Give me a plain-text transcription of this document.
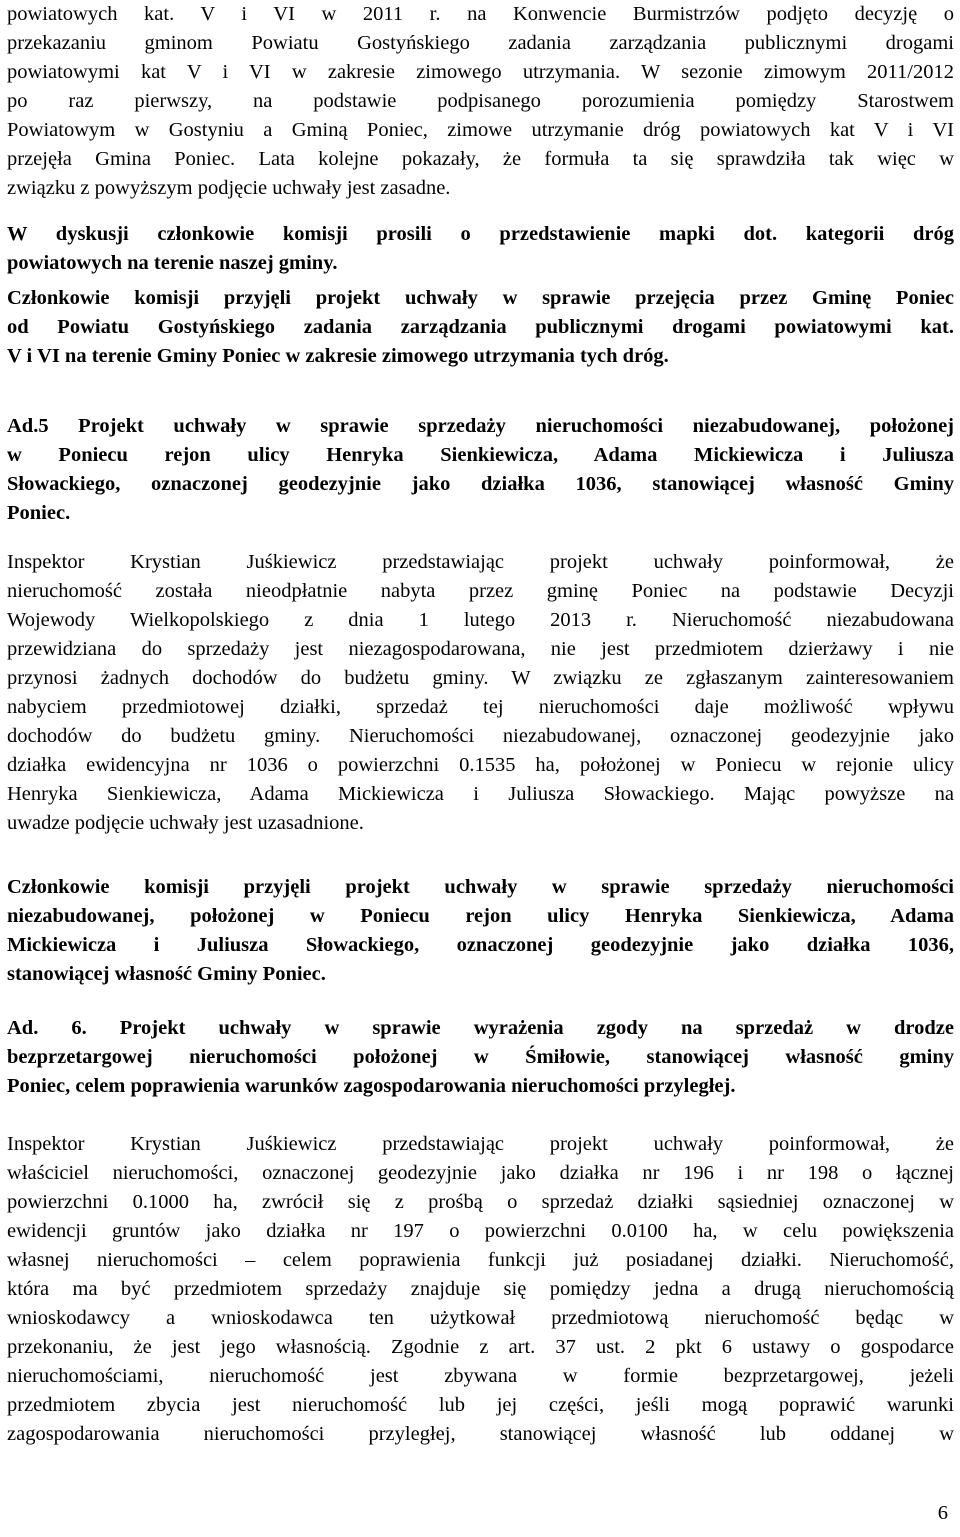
powiatowych kat. V i VI w 2011 r. na Konwencie Burmistrzów podjęto decyzję o
przekazaniu gminom Powiatu Gostyńskiego zadania zarządzania publicznymi drogami
powiatowymi kat V i VI w zakresie zimowego utrzymania. W sezonie zimowym 2011/2012
po raz pierwszy, na podstawie podpisanego porozumienia pomiędzy Starostwem
Powiatowym w Gostyniu a Gminą Poniec, zimowe utrzymanie dróg powiatowych kat V i VI
przejęła Gmina Poniec. Lata kolejne pokazały, że formuła ta się sprawdziła tak więc w
związku z powyższym podjęcie uchwały jest zasadne.
W dyskusji członkowie komisji prosili o przedstawienie mapki dot. kategorii dróg
powiatowych na terenie naszej gminy.
Członkowie komisji przyjęli projekt uchwały w sprawie przejęcia przez Gminę Poniec
od Powiatu Gostyńskiego zadania zarządzania publicznymi drogami powiatowymi kat.
V i VI na terenie Gminy Poniec w zakresie zimowego utrzymania tych dróg.
Ad.5 Projekt uchwały w sprawie sprzedaży nieruchomości niezabudowanej, położonej
w Poniecu rejon ulicy Henryka Sienkiewicza, Adama Mickiewicza i Juliusza
Słowackiego, oznaczonej geodezyjnie jako działka 1036, stanowiącej własność Gminy
Poniec.
Inspektor Krystian Juśkiewicz przedstawiając projekt uchwały poinformował, że
nieruchomość została nieodpłatnie nabyta przez gminę Poniec na podstawie Decyzji
Wojewody Wielkopolskiego z dnia 1 lutego 2013 r. Nieruchomość niezabudowana
przewidziana do sprzedaży jest niezagospodarowana, nie jest przedmiotem dzierżawy i nie
przynosi żadnych dochodów do budżetu gminy. W związku ze zgłaszanym zainteresowaniem
nabyciem przedmiotowej działki, sprzedaż tej nieruchomości daje możliwość wpływu
dochodów do budżetu gminy. Nieruchomości niezabudowanej, oznaczonej geodezyjnie jako
działka ewidencyjna nr 1036 o powierzchni 0.1535 ha, położonej w Poniecu w rejonie ulicy
Henryka Sienkiewicza, Adama Mickiewicza i Juliusza Słowackiego. Mając powyższe na
uwadze podjęcie uchwały jest uzasadnione.
Członkowie komisji przyjęli projekt uchwały w sprawie sprzedaży nieruchomości
niezabudowanej, położonej w Poniecu rejon ulicy Henryka Sienkiewicza, Adama
Mickiewicza i Juliusza Słowackiego, oznaczonej geodezyjnie jako działka 1036,
stanowiącej własność Gminy Poniec.
Ad. 6. Projekt uchwały w sprawie wyrażenia zgody na sprzedaż w drodze
bezprzetargowej nieruchomości położonej w Śmiłowie, stanowiącej własność gminy
Poniec, celem poprawienia warunków zagospodarowania nieruchomości przyległej.
Inspektor Krystian Juśkiewicz przedstawiając projekt uchwały poinformował, że
właściciel nieruchomości, oznaczonej geodezyjnie jako działka nr 196 i nr 198 o łącznej
powierzchni 0.1000 ha, zwrócił się z prośbą o sprzedaż działki sąsiedniej oznaczonej w
ewidencji gruntów jako działka nr 197 o powierzchni 0.0100 ha, w celu powiększenia
własnej nieruchomości – celem poprawienia funkcji już posiadanej działki. Nieruchomość,
która ma być przedmiotem sprzedaży znajduje się pomiędzy jedna a drugą nieruchomością
wnioskodawcy a wnioskodawca ten użytkował przedmiotową nieruchomość będąc w
przekonaniu, że jest jego własnością. Zgodnie z art. 37 ust. 2 pkt 6 ustawy o gospodarce
nieruchomościami, nieruchomość jest zbywana w formie bezprzetargowej, jeżeli
przedmiotem zbycia jest nieruchomość lub jej części, jeśli mogą poprawić warunki
zagospodarowania nieruchomości przyległej, stanowiącej własność lub oddanej w
6
